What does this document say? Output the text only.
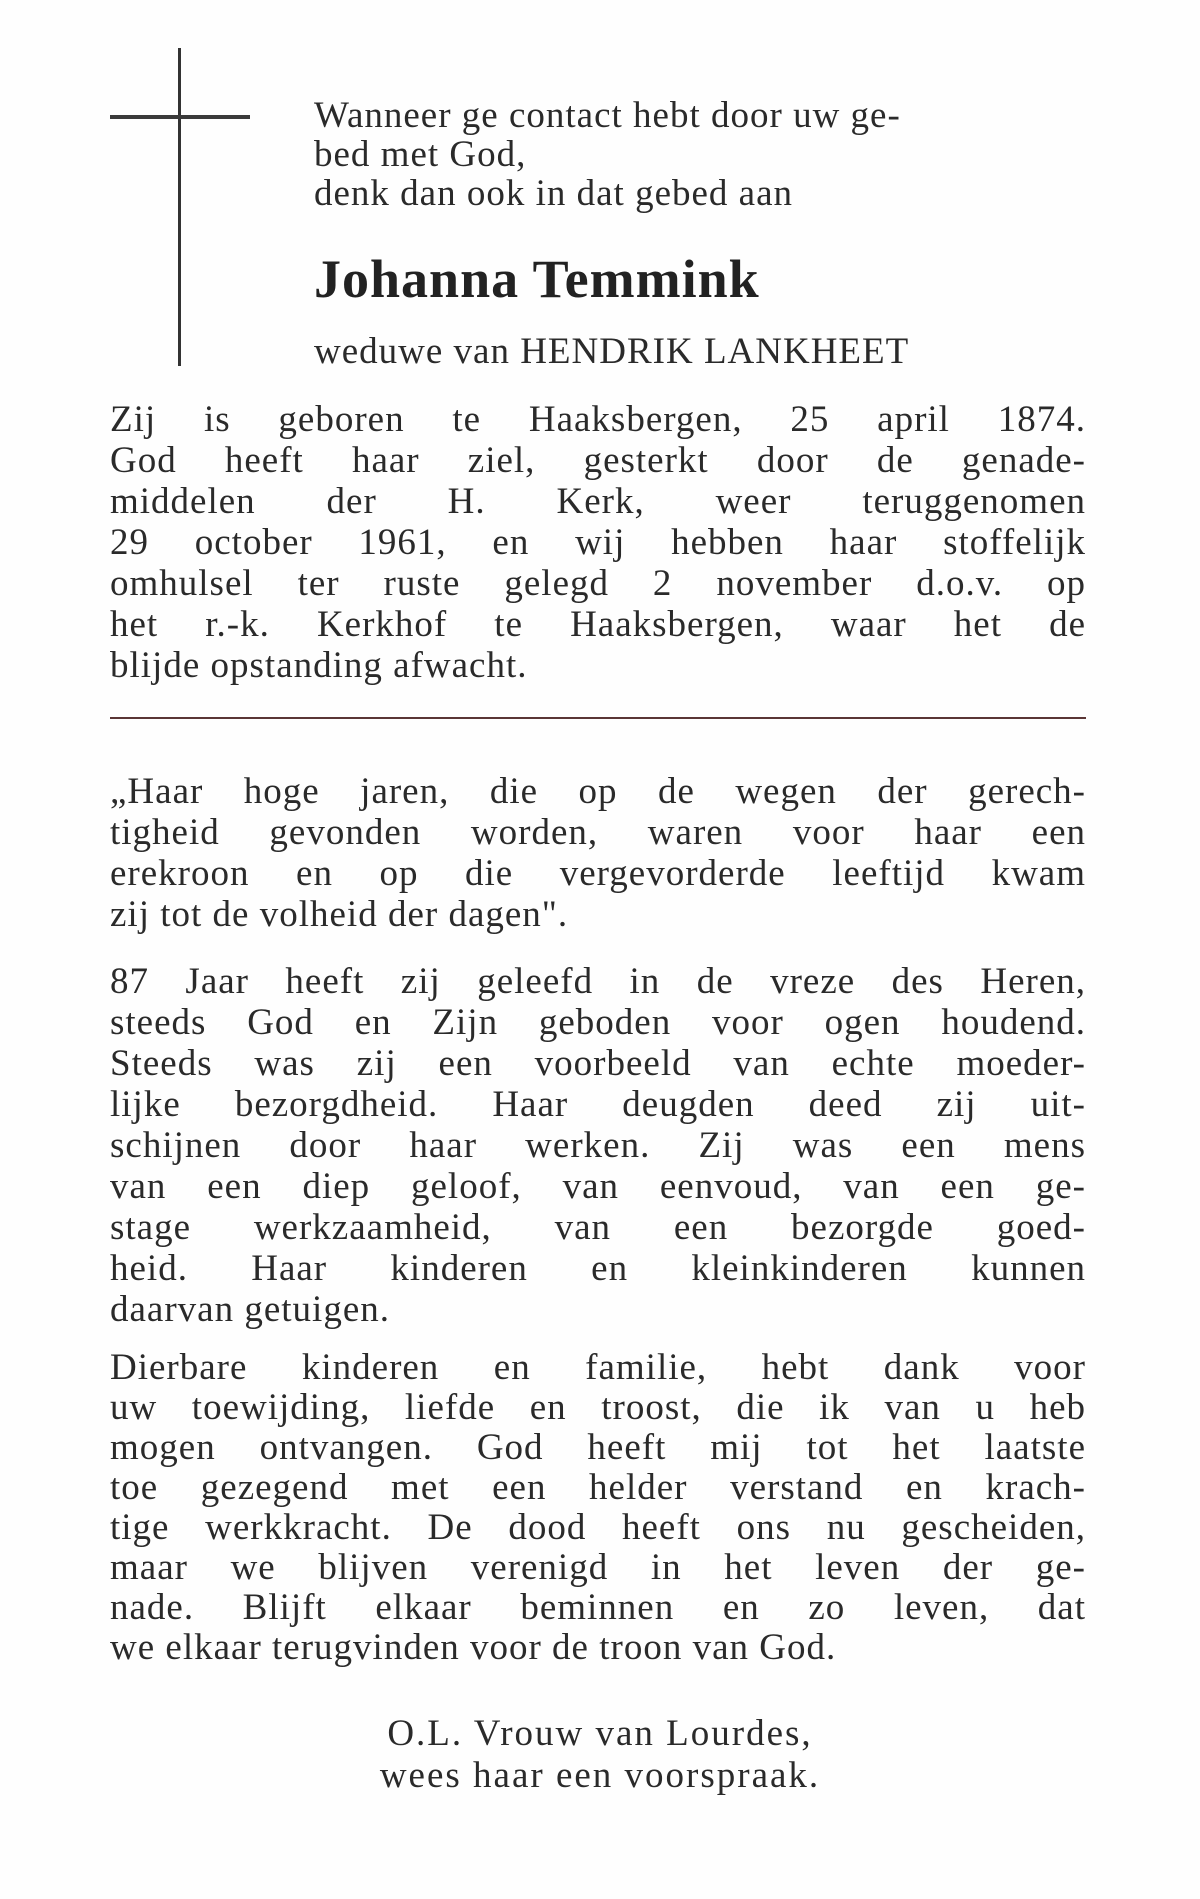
Wanneer ge contact hebt door uw ge-
bed met God,
denk dan ook in dat gebed aan
Johanna Temmink
weduwe van HENDRIK LANKHEET
Zij is geboren te Haaksbergen, 25 april 1874.
God heeft haar ziel, gesterkt door de genade-
middelen der H. Kerk, weer teruggenomen
29 october 1961, en wij hebben haar stoffelijk
omhulsel ter ruste gelegd 2 november d.o.v. op
het r.-k. Kerkhof te Haaksbergen, waar het de
blijde opstanding afwacht.
„Haar hoge jaren, die op de wegen der gerech-
tigheid gevonden worden, waren voor haar een
erekroon en op die vergevorderde leeftijd kwam
zij tot de volheid der dagen".
87 Jaar heeft zij geleefd in de vreze des Heren,
steeds God en Zijn geboden voor ogen houdend.
Steeds was zij een voorbeeld van echte moeder-
lijke bezorgdheid. Haar deugden deed zij uit-
schijnen door haar werken. Zij was een mens
van een diep geloof, van eenvoud, van een ge-
stage werkzaamheid, van een bezorgde goed-
heid. Haar kinderen en kleinkinderen kunnen
daarvan getuigen.
Dierbare kinderen en familie, hebt dank voor
uw toewijding, liefde en troost, die ik van u heb
mogen ontvangen. God heeft mij tot het laatste
toe gezegend met een helder verstand en krach-
tige werkkracht. De dood heeft ons nu gescheiden,
maar we blijven verenigd in het leven der ge-
nade. Blijft elkaar beminnen en zo leven, dat
we elkaar terugvinden voor de troon van God.
O.L. Vrouw van Lourdes,
wees haar een voorspraak.
